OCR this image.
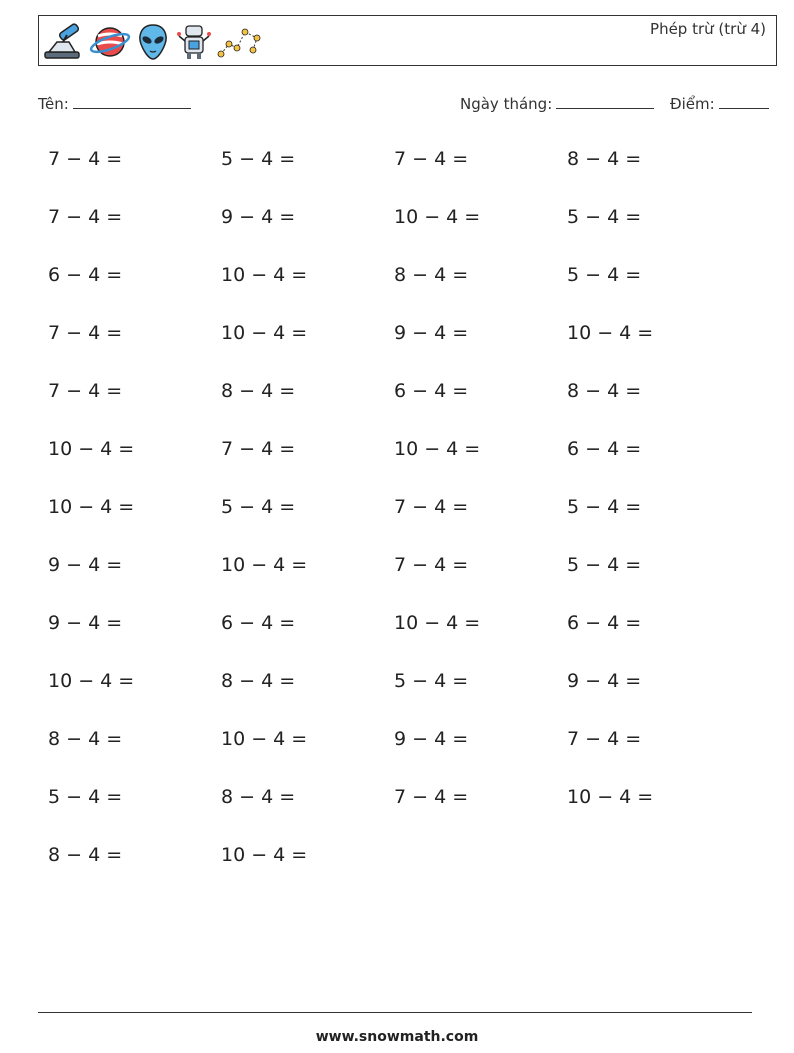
Phép trừ (trừ 4)
Tên:	Ngày tháng:	Điểm:
7 − 4 =	5 − 4 =	7 − 4 =	8 − 4 =
7 − 4 =	9 − 4 =	10 − 4 =	5 − 4 =
6 − 4 =	10 − 4 =	8 − 4 =	5 − 4 =
7 − 4 =	10 − 4 =	9 − 4 =	10 − 4 =
7 − 4 =	8 − 4 =	6 − 4 =	8 − 4 =
10 − 4 =	7 − 4 =	10 − 4 =	6 − 4 =
10 − 4 =	5 − 4 =	7 − 4 =	5 − 4 =
9 − 4 =	10 − 4 =	7 − 4 =	5 − 4 =
9 − 4 =	6 − 4 =	10 − 4 =	6 − 4 =
10 − 4 =	8 − 4 =	5 − 4 =	9 − 4 =
8 − 4 =	10 − 4 =	9 − 4 =	7 − 4 =
5 − 4 =	8 − 4 =	7 − 4 =	10 − 4 =
8 − 4 =	10 − 4 =
www.snowmath.com
